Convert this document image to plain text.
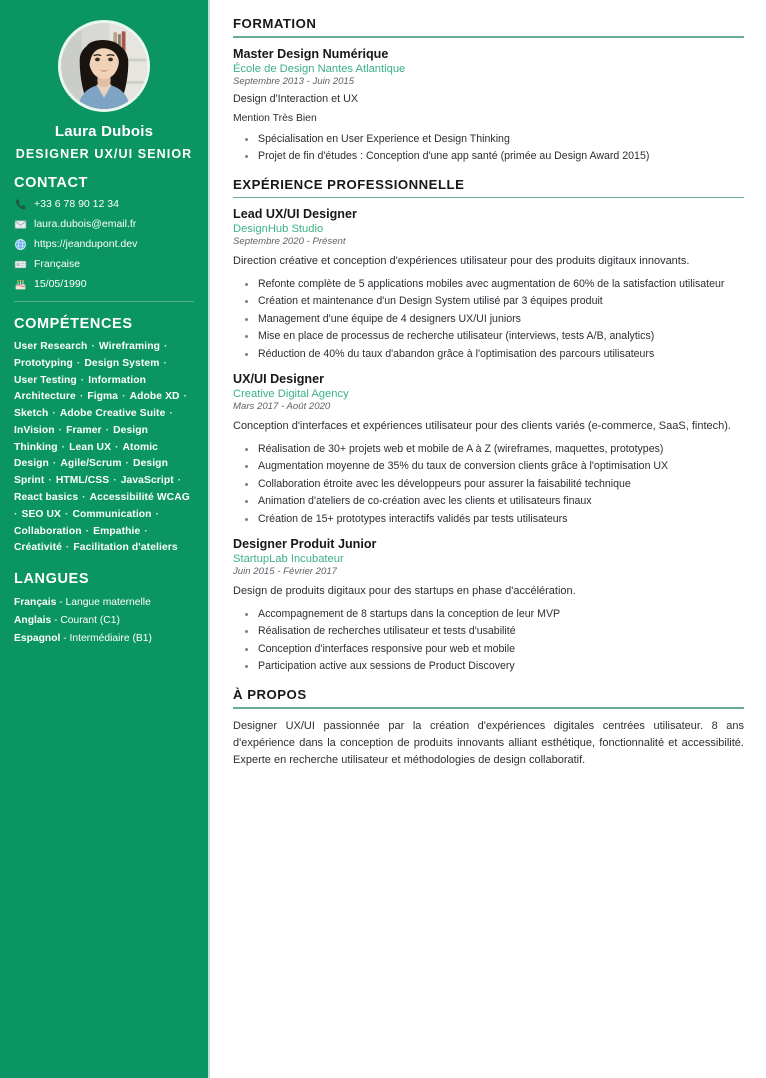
Laura Dubois
DESIGNER UX/UI SENIOR
CONTACT
+33 6 78 90 12 34
laura.dubois@email.fr
https://jeandupont.dev
Française
15/05/1990
COMPÉTENCES
User Research · Wireframing · Prototyping · Design System · User Testing · Information Architecture · Figma · Adobe XD · Sketch · Adobe Creative Suite · InVision · Framer · Design Thinking · Lean UX · Atomic Design · Agile/Scrum · Design Sprint · HTML/CSS · JavaScript · React basics · Accessibilité WCAG · SEO UX · Communication · Collaboration · Empathie · Créativité · Facilitation d'ateliers
LANGUES
Français - Langue maternelle
Anglais - Courant (C1)
Espagnol - Intermédiaire (B1)
FORMATION
Master Design Numérique
École de Design Nantes Atlantique
Septembre 2013 - Juin 2015
Design d'Interaction et UX
Mention Très Bien
Spécialisation en User Experience et Design Thinking
Projet de fin d'études : Conception d'une app santé (primée au Design Award 2015)
EXPÉRIENCE PROFESSIONNELLE
Lead UX/UI Designer
DesignHub Studio
Septembre 2020 - Présent
Direction créative et conception d'expériences utilisateur pour des produits digitaux innovants.
Refonte complète de 5 applications mobiles avec augmentation de 60% de la satisfaction utilisateur
Création et maintenance d'un Design System utilisé par 3 équipes produit
Management d'une équipe de 4 designers UX/UI juniors
Mise en place de processus de recherche utilisateur (interviews, tests A/B, analytics)
Réduction de 40% du taux d'abandon grâce à l'optimisation des parcours utilisateurs
UX/UI Designer
Creative Digital Agency
Mars 2017 - Août 2020
Conception d'interfaces et expériences utilisateur pour des clients variés (e-commerce, SaaS, fintech).
Réalisation de 30+ projets web et mobile de A à Z (wireframes, maquettes, prototypes)
Augmentation moyenne de 35% du taux de conversion clients grâce à l'optimisation UX
Collaboration étroite avec les développeurs pour assurer la faisabilité technique
Animation d'ateliers de co-création avec les clients et utilisateurs finaux
Création de 15+ prototypes interactifs validés par tests utilisateurs
Designer Produit Junior
StartupLab Incubateur
Juin 2015 - Février 2017
Design de produits digitaux pour des startups en phase d'accélération.
Accompagnement de 8 startups dans la conception de leur MVP
Réalisation de recherches utilisateur et tests d'usabilité
Conception d'interfaces responsive pour web et mobile
Participation active aux sessions de Product Discovery
À PROPOS
Designer UX/UI passionnée par la création d'expériences digitales centrées utilisateur. 8 ans d'expérience dans la conception de produits innovants alliant esthétique, fonctionnalité et accessibilité. Experte en recherche utilisateur et méthodologies de design collaboratif.
